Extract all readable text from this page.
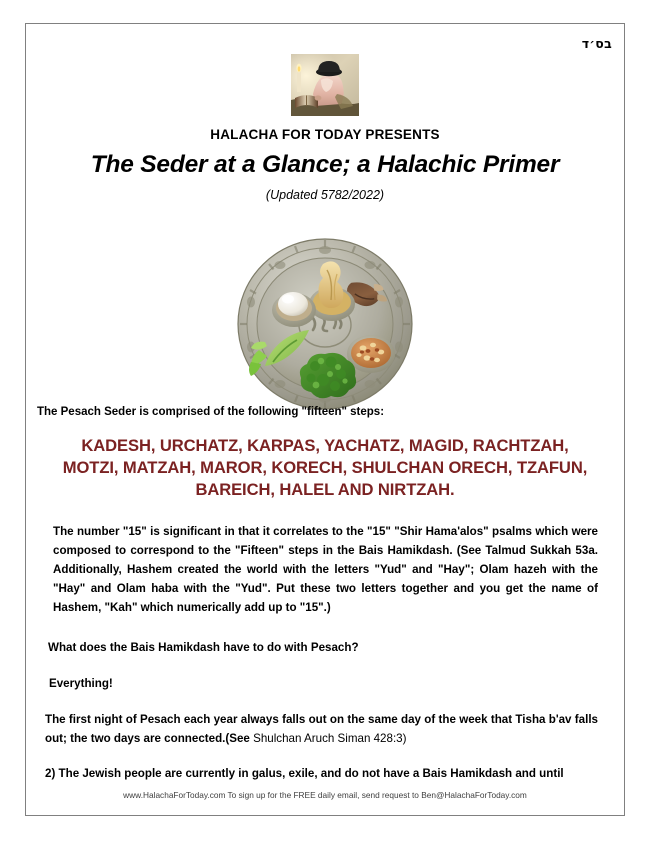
בס׳ד
HALACHA FOR TODAY PRESENTS
The Seder at a Glance; a Halachic Primer
(Updated 5782/2022)
The Pesach Seder is comprised of the following "fifteen" steps:
KADESH, URCHATZ, KARPAS, YACHATZ, MAGID, RACHTZAH,
MOTZI, MATZAH, MAROR, KORECH, SHULCHAN ORECH, TZAFUN,
BAREICH, HALEL AND NIRTZAH.
The number "15" is significant in that it correlates to the "15" "Shir Hama'alos" psalms which were composed to correspond to the "Fifteen" steps in the Bais Hamikdash. (See Talmud Sukkah 53a. Additionally, Hashem created the world with the letters "Yud" and "Hay"; Olam hazeh with the "Hay" and Olam haba with the "Yud". Put these two letters together and you get the name of Hashem, "Kah" which numerically add up to "15".)
What does the Bais Hamikdash have to do with Pesach?
Everything!
The first night of Pesach each year always falls out on the same day of the week that Tisha b'av falls out; the two days are connected.(See Shulchan Aruch Siman 428:3)
2) The Jewish people are currently in galus, exile, and do not have a Bais Hamikdash and until
www.HalachaForToday.com To sign up for the FREE daily email, send request to Ben@HalachaForToday.com
